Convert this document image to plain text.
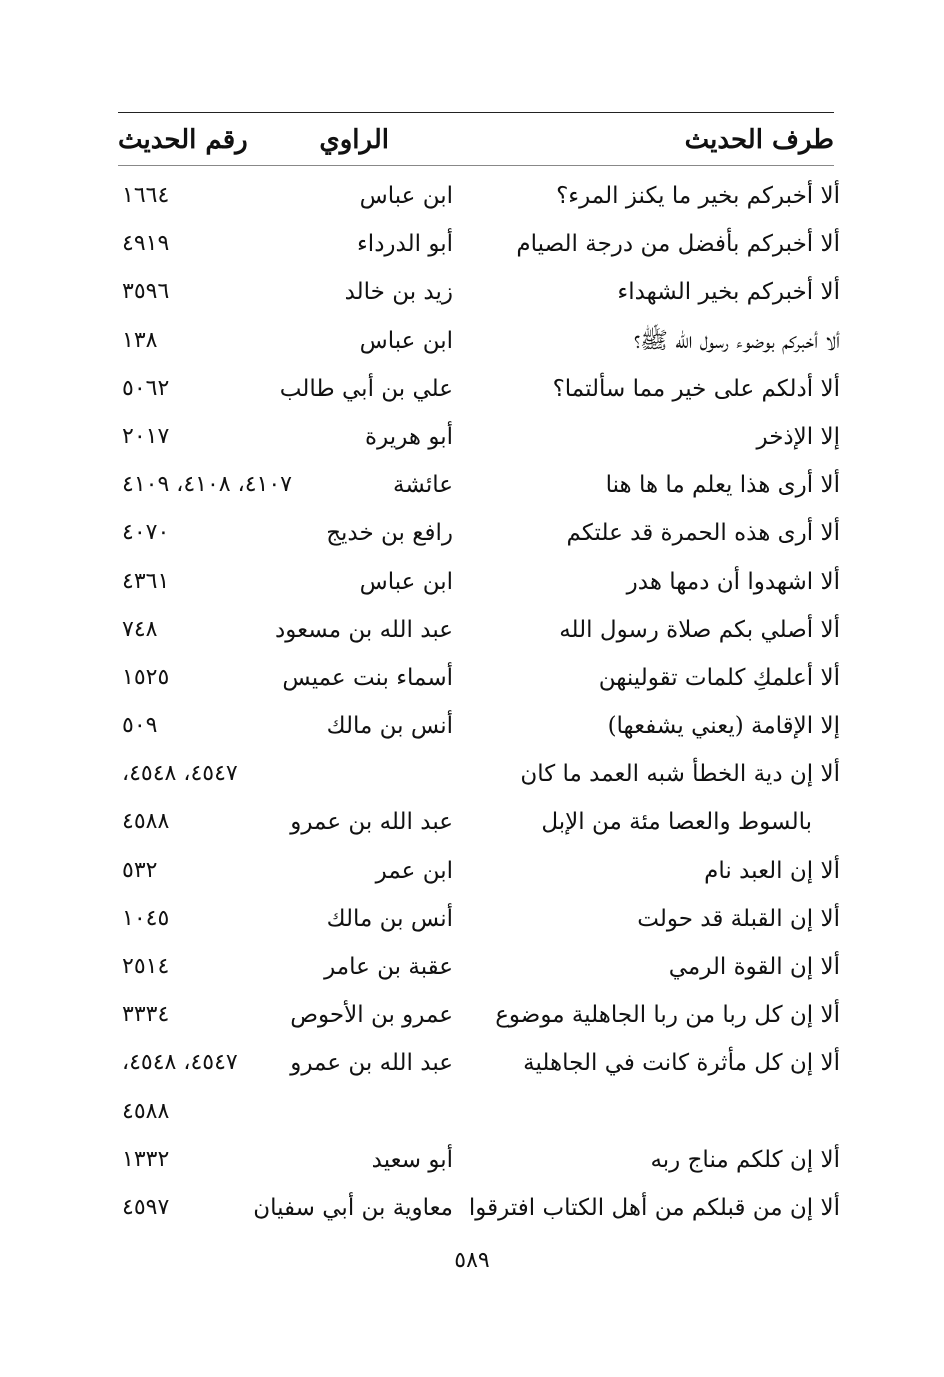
طرف الحديث
الراوي
رقم الحديث
ألا أخبركم بخير ما يكنز المرء؟
ابن عباس
١٦٦٤
ألا أخبركم بأفضل من درجة الصيام
أبو الدرداء
٤٩١٩
ألا أخبركم بخير الشهداء
زيد بن خالد
٣٥٩٦
ألا أخبركم بوضوء رسول الله ﷺ؟
ابن عباس
١٣٨
ألا أدلكم على خير مما سألتما؟
علي بن أبي طالب
٥٠٦٢
إلا الإذخر
أبو هريرة
٢٠١٧
ألا أرى هذا يعلم ما ها هنا
عائشة
٤١٠٧، ٤١٠٨، ٤١٠٩
ألا أرى هذه الحمرة قد علتكم
رافع بن خديج
٤٠٧٠
ألا اشهدوا أن دمها هدر
ابن عباس
٤٣٦١
ألا أصلي بكم صلاة رسول الله
عبد الله بن مسعود
٧٤٨
ألا أعلمكِ كلمات تقولينهن
أسماء بنت عميس
١٥٢٥
إلا الإقامة (يعني يشفعها)
أنس بن مالك
٥٠٩
ألا إن دية الخطأ شبه العمد ما كان
٤٥٤٧، ٤٥٤٨،
بالسوط والعصا مئة من الإبل
عبد الله بن عمرو
٤٥٨٨
ألا إن العبد نام
ابن عمر
٥٣٢
ألا إن القبلة قد حولت
أنس بن مالك
١٠٤٥
ألا إن القوة الرمي
عقبة بن عامر
٢٥١٤
ألا إن كل ربا من ربا الجاهلية موضوع
عمرو بن الأحوص
٣٣٣٤
ألا إن كل مأثرة كانت في الجاهلية
عبد الله بن عمرو
٤٥٤٧، ٤٥٤٨،
٤٥٨٨
ألا إن كلكم مناج ربه
أبو سعيد
١٣٣٢
ألا إن من قبلكم من أهل الكتاب افترقوا
معاوية بن أبي سفيان
٤٥٩٧
٥٨٩
